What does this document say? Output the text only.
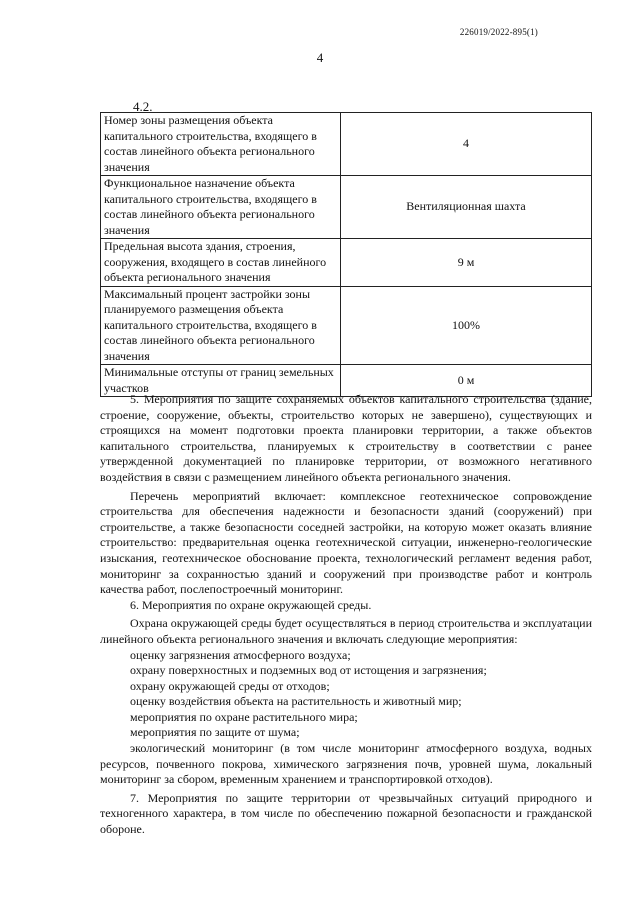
226019/2022-895(1)
4
4.2.
Номер зоны размещения объекта капитального строительства, входящего в состав линейного объекта регионального значения	4
Функциональное назначение объекта капитального строительства, входящего в состав линейного объекта регионального значения	Вентиляционная шахта
Предельная высота здания, строения, сооружения, входящего в состав линейного объекта регионального значения	9 м
Максимальный процент застройки зоны планируемого размещения объекта капитального строительства, входящего в состав линейного объекта регионального значения	100%
Минимальные отступы от границ земельных участков	0 м

5. Мероприятия по защите сохраняемых объектов капитального строительства (здание, строение, сооружение, объекты, строительство которых не завершено), существующих и строящихся на момент подготовки проекта планировки территории, а также объектов капитального строительства, планируемых к строительству в соответствии с ранее утвержденной документацией по планировке территории, от возможного негативного воздействия в связи с размещением линейного объекта регионального значения.

Перечень мероприятий включает: комплексное геотехническое сопровождение строительства для обеспечения надежности и безопасности зданий (сооружений) при строительстве, а также безопасности соседней застройки, на которую может оказать влияние строительство: предварительная оценка геотехнической ситуации, инженерно-геологические изыскания, геотехническое обоснование проекта, технологический регламент ведения работ, мониторинг за сохранностью зданий и сооружений при производстве работ и контроль качества работ, послепостроечный мониторинг.

6. Мероприятия по охране окружающей среды.

Охрана окружающей среды будет осуществляться в период строительства и эксплуатации линейного объекта регионального значения и включать следующие мероприятия:

оценку загрязнения атмосферного воздуха;

охрану поверхностных и подземных вод от истощения и загрязнения;

охрану окружающей среды от отходов;

оценку воздействия объекта на растительность и животный мир;

мероприятия по охране растительного мира;

мероприятия по защите от шума;

экологический мониторинг (в том числе мониторинг атмосферного воздуха, водных ресурсов, почвенного покрова, химического загрязнения почв, уровней шума, локальный мониторинг за сбором, временным хранением и транспортировкой отходов).

7. Мероприятия по защите территории от чрезвычайных ситуаций природного и техногенного характера, в том числе по обеспечению пожарной безопасности и гражданской обороне.
